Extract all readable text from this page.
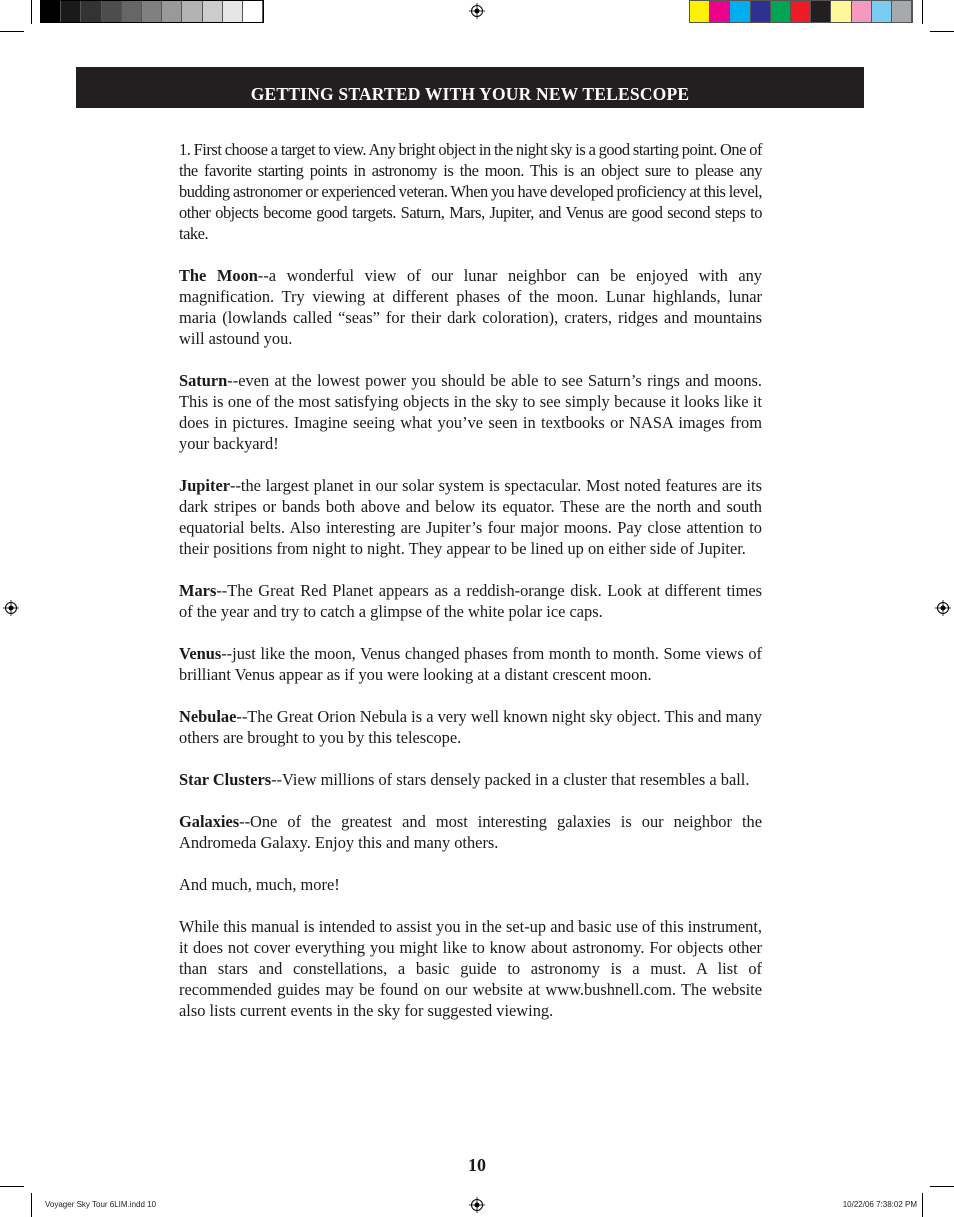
GETTING STARTED WITH YOUR NEW TELESCOPE

1. First choose a target to view. Any bright object in the night sky is a good starting point. One of the favorite starting points in astronomy is the moon. This is an object sure to please any budding astronomer or experienced veteran. When you have developed proficiency at this level, other objects become good targets. Saturn, Mars, Jupiter, and Venus are good second steps to take.

The Moon--a wonderful view of our lunar neighbor can be enjoyed with any magnification. Try viewing at different phases of the moon. Lunar highlands, lunar maria (lowlands called “seas” for their dark coloration), craters, ridges and mountains will astound you.

Saturn--even at the lowest power you should be able to see Saturn’s rings and moons. This is one of the most satisfying objects in the sky to see simply because it looks like it does in pictures. Imagine seeing what you’ve seen in textbooks or NASA images from your backyard!

Jupiter--the largest planet in our solar system is spectacular. Most noted features are its dark stripes or bands both above and below its equator. These are the north and south equatorial belts. Also interesting are Jupiter’s four major moons. Pay close attention to their positions from night to night. They appear to be lined up on either side of Jupiter.

Mars--The Great Red Planet appears as a reddish-orange disk. Look at different times of the year and try to catch a glimpse of the white polar ice caps.

Venus--just like the moon, Venus changed phases from month to month. Some views of brilliant Venus appear as if you were looking at a distant crescent moon.

Nebulae--The Great Orion Nebula is a very well known night sky object. This and many others are brought to you by this telescope.

Star Clusters--View millions of stars densely packed in a cluster that resembles a ball.

Galaxies--One of the greatest and most interesting galaxies is our neighbor the Andromeda Galaxy. Enjoy this and many others.

And much, much, more!

While this manual is intended to assist you in the set-up and basic use of this instrument, it does not cover everything you might like to know about astronomy. For objects other than stars and constellations, a basic guide to astronomy is a must. A list of recommended guides may be found on our website at www.bushnell.com. The website also lists current events in the sky for suggested viewing.

10
Voyager Sky Tour 6LIM.indd 10	10/22/06 7:38:02 PM
